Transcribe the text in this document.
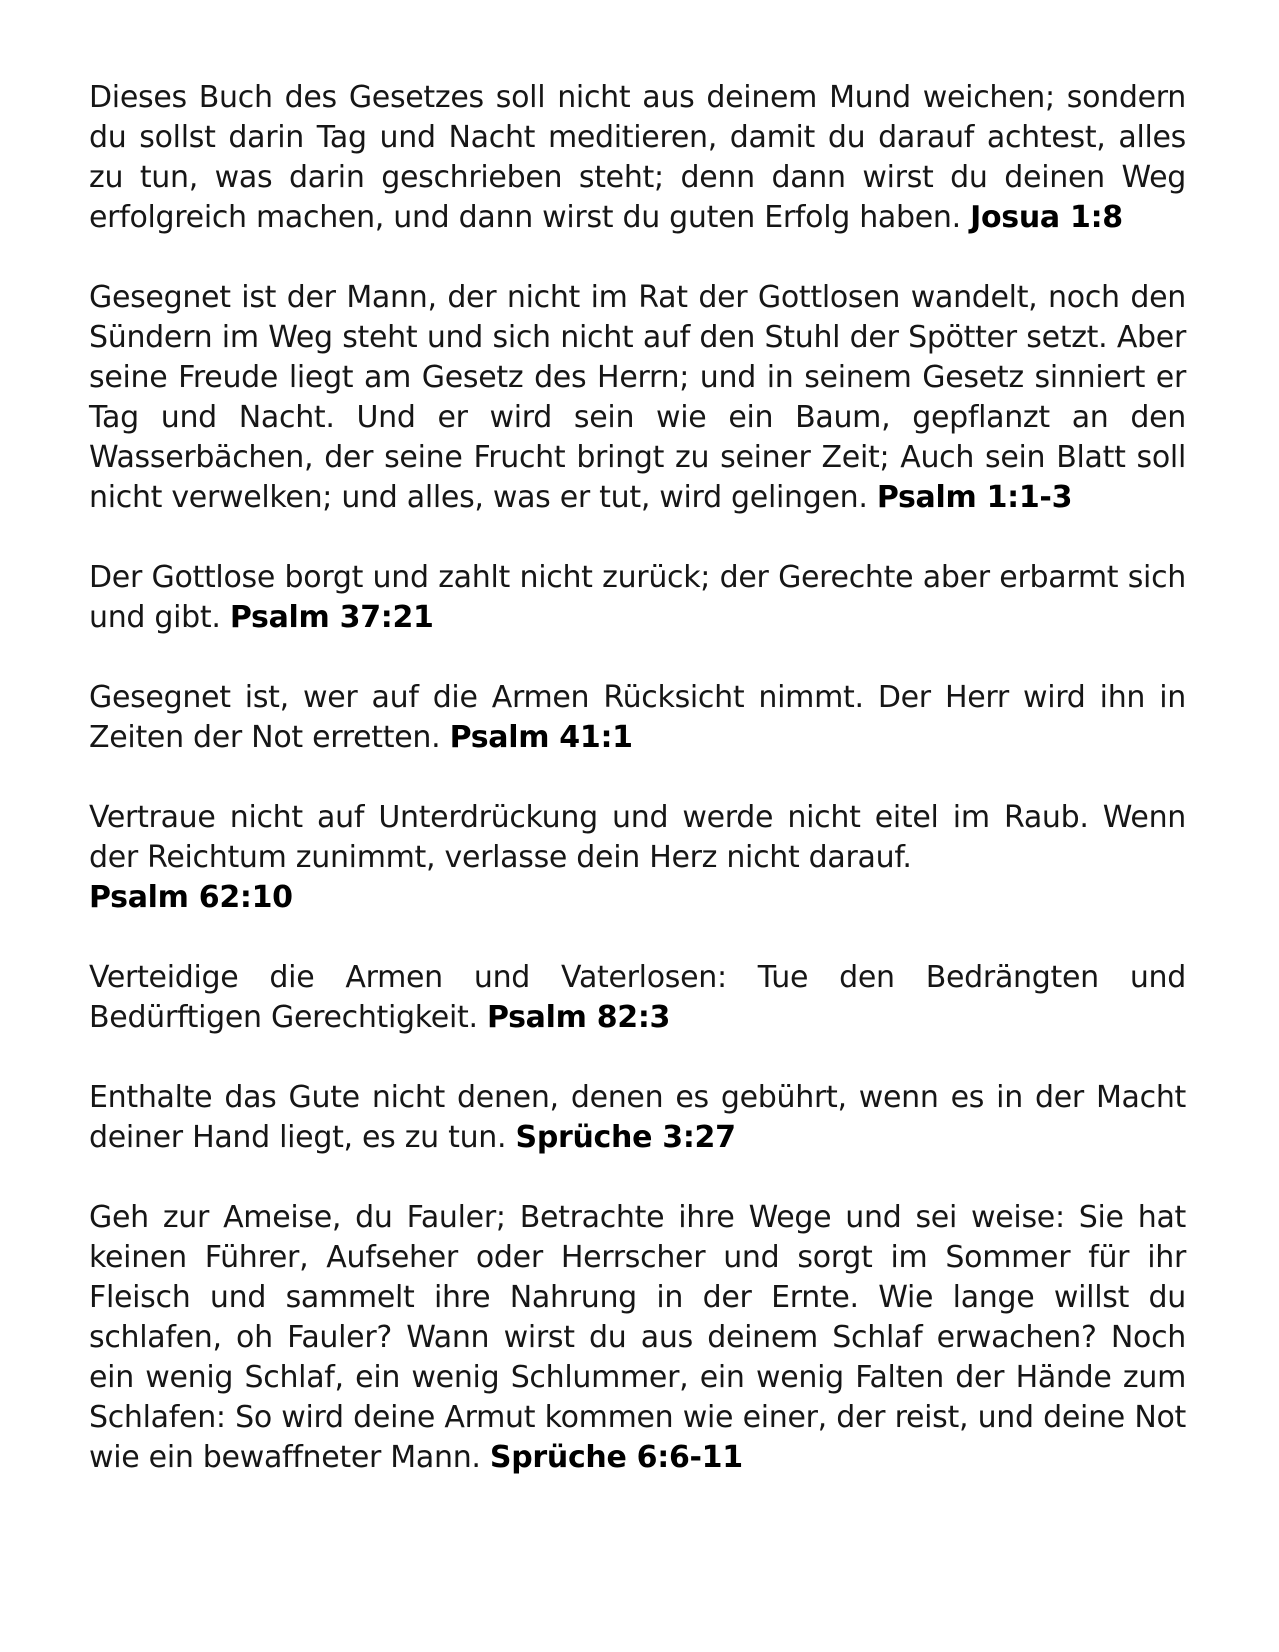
Dieses Buch des Gesetzes soll nicht aus deinem Mund weichen; sondern du sollst darin Tag und Nacht meditieren, damit du darauf achtest, alles zu tun, was darin geschrieben steht; denn dann wirst du deinen Weg erfolgreich machen, und dann wirst du guten Erfolg haben. Josua 1:8

Gesegnet ist der Mann, der nicht im Rat der Gottlosen wandelt, noch den Sündern im Weg steht und sich nicht auf den Stuhl der Spötter setzt. Aber seine Freude liegt am Gesetz des Herrn; und in seinem Gesetz sinniert er Tag und Nacht. Und er wird sein wie ein Baum, gepflanzt an den Wasserbächen, der seine Frucht bringt zu seiner Zeit; Auch sein Blatt soll nicht verwelken; und alles, was er tut, wird gelingen. Psalm 1:1-3

Der Gottlose borgt und zahlt nicht zurück; der Gerechte aber erbarmt sich und gibt. Psalm 37:21

Gesegnet ist, wer auf die Armen Rücksicht nimmt. Der Herr wird ihn in Zeiten der Not erretten. Psalm 41:1

Vertraue nicht auf Unterdrückung und werde nicht eitel im Raub. Wenn der Reichtum zunimmt, verlasse dein Herz nicht darauf.
Psalm 62:10

Verteidige die Armen und Vaterlosen: Tue den Bedrängten und Bedürftigen Gerechtigkeit. Psalm 82:3

Enthalte das Gute nicht denen, denen es gebührt, wenn es in der Macht deiner Hand liegt, es zu tun. Sprüche 3:27

Geh zur Ameise, du Fauler; Betrachte ihre Wege und sei weise: Sie hat keinen Führer, Aufseher oder Herrscher und sorgt im Sommer für ihr Fleisch und sammelt ihre Nahrung in der Ernte. Wie lange willst du schlafen, oh Fauler? Wann wirst du aus deinem Schlaf erwachen? Noch ein wenig Schlaf, ein wenig Schlummer, ein wenig Falten der Hände zum Schlafen: So wird deine Armut kommen wie einer, der reist, und deine Not wie ein bewaffneter Mann. Sprüche 6:6-11
